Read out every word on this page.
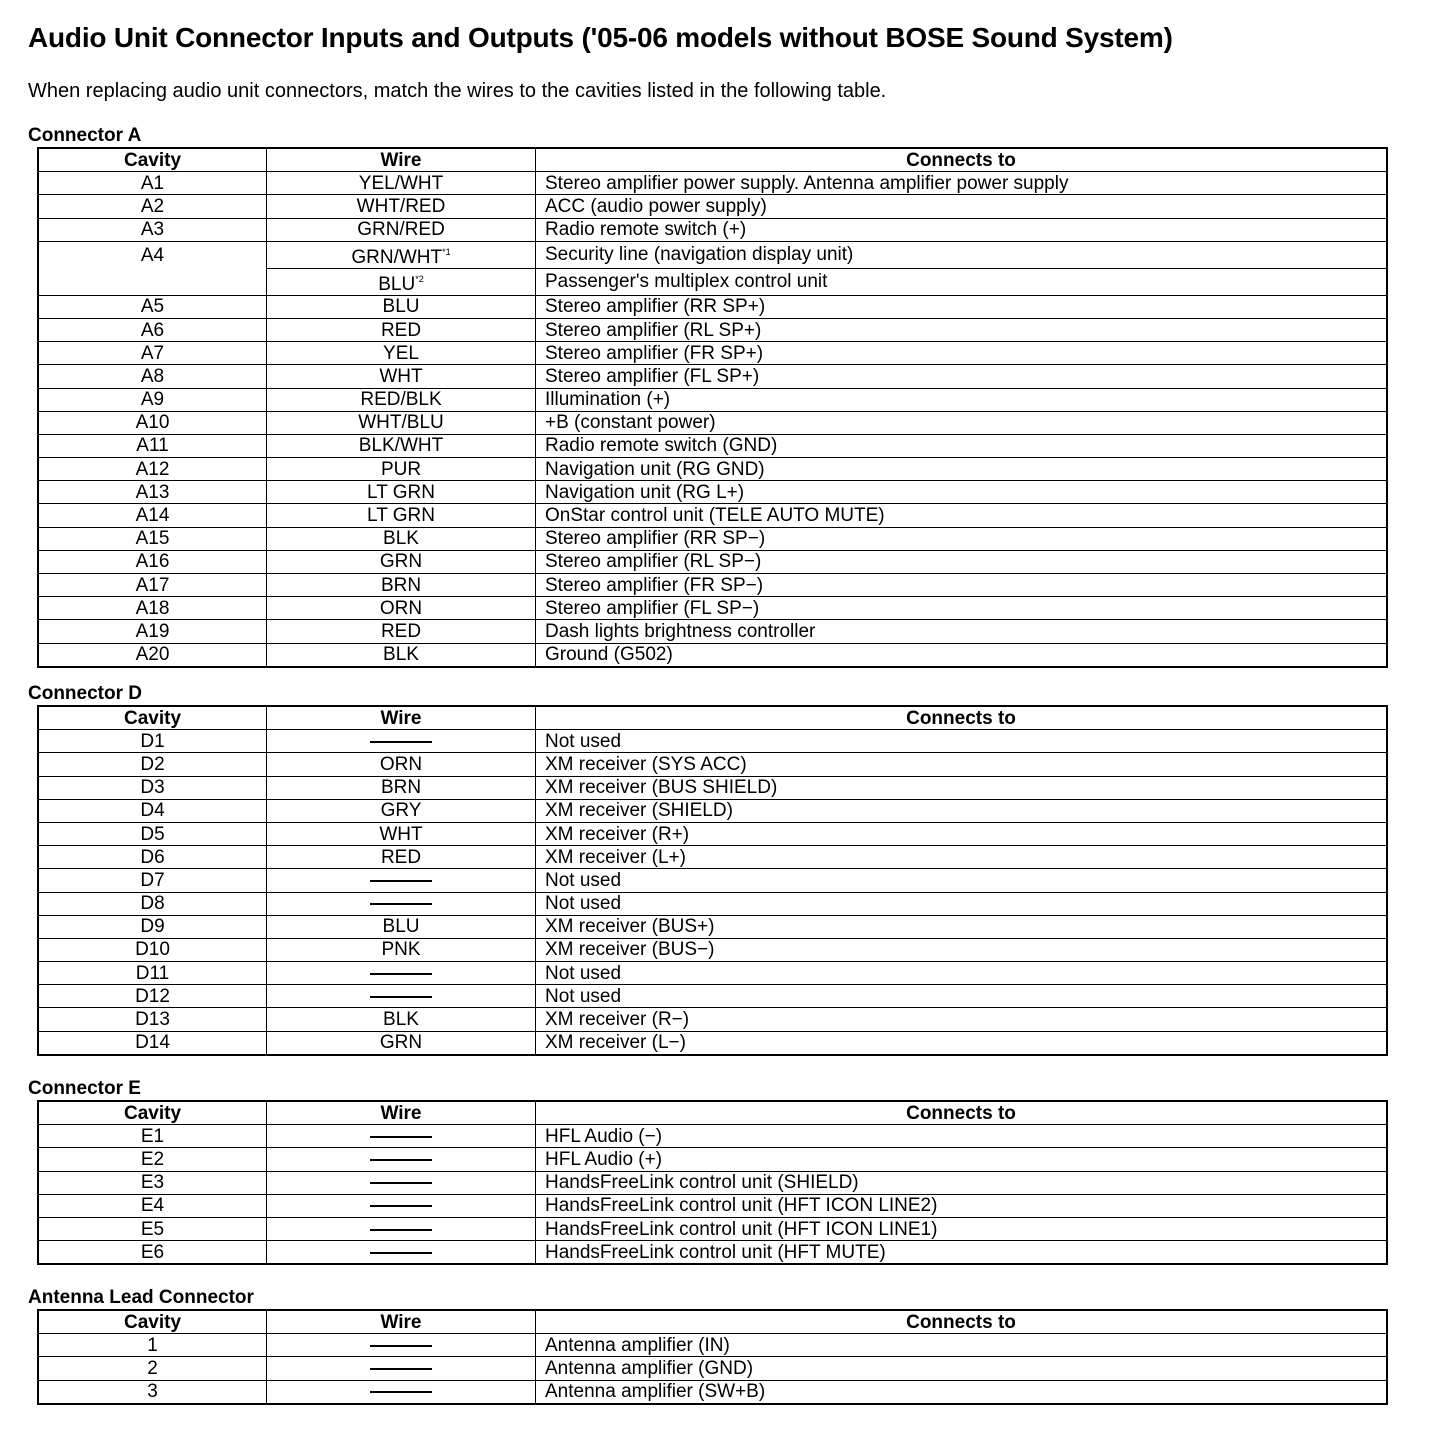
Audio Unit Connector Inputs and Outputs ('05-06 models without BOSE Sound System)
When replacing audio unit connectors, match the wires to the cavities listed in the following table.
Connector A
Cavity	Wire	Connects to
A1	YEL/WHT	Stereo amplifier power supply. Antenna amplifier power supply
A2	WHT/RED	ACC (audio power supply)
A3	GRN/RED	Radio remote switch (+)
A4	GRN/WHT$^{*1}$	Security line (navigation display unit)
	BLU$^{*2}$	Passenger's multiplex control unit
A5	BLU	Stereo amplifier (RR SP+)
A6	RED	Stereo amplifier (RL SP+)
A7	YEL	Stereo amplifier (FR SP+)
A8	WHT	Stereo amplifier (FL SP+)
A9	RED/BLK	Illumination (+)
A10	WHT/BLU	+B (constant power)
A11	BLK/WHT	Radio remote switch (GND)
A12	PUR	Navigation unit (RG GND)
A13	LT GRN	Navigation unit (RG L+)
A14	LT GRN	OnStar control unit (TELE AUTO MUTE)
A15	BLK	Stereo amplifier (RR SP−)
A16	GRN	Stereo amplifier (RL SP−)
A17	BRN	Stereo amplifier (FR SP−)
A18	ORN	Stereo amplifier (FL SP−)
A19	RED	Dash lights brightness controller
A20	BLK	Ground (G502)
Connector D
Cavity	Wire	Connects to
D1		Not used
D2	ORN	XM receiver (SYS ACC)
D3	BRN	XM receiver (BUS SHIELD)
D4	GRY	XM receiver (SHIELD)
D5	WHT	XM receiver (R+)
D6	RED	XM receiver (L+)
D7		Not used
D8		Not used
D9	BLU	XM receiver (BUS+)
D10	PNK	XM receiver (BUS−)
D11		Not used
D12		Not used
D13	BLK	XM receiver (R−)
D14	GRN	XM receiver (L−)
Connector E
Cavity	Wire	Connects to
E1		HFL Audio (−)
E2		HFL Audio (+)
E3		HandsFreeLink control unit (SHIELD)
E4		HandsFreeLink control unit (HFT ICON LINE2)
E5		HandsFreeLink control unit (HFT ICON LINE1)
E6		HandsFreeLink control unit (HFT MUTE)
Antenna Lead Connector
Cavity	Wire	Connects to
1		Antenna amplifier (IN)
2		Antenna amplifier (GND)
3		Antenna amplifier (SW+B)
